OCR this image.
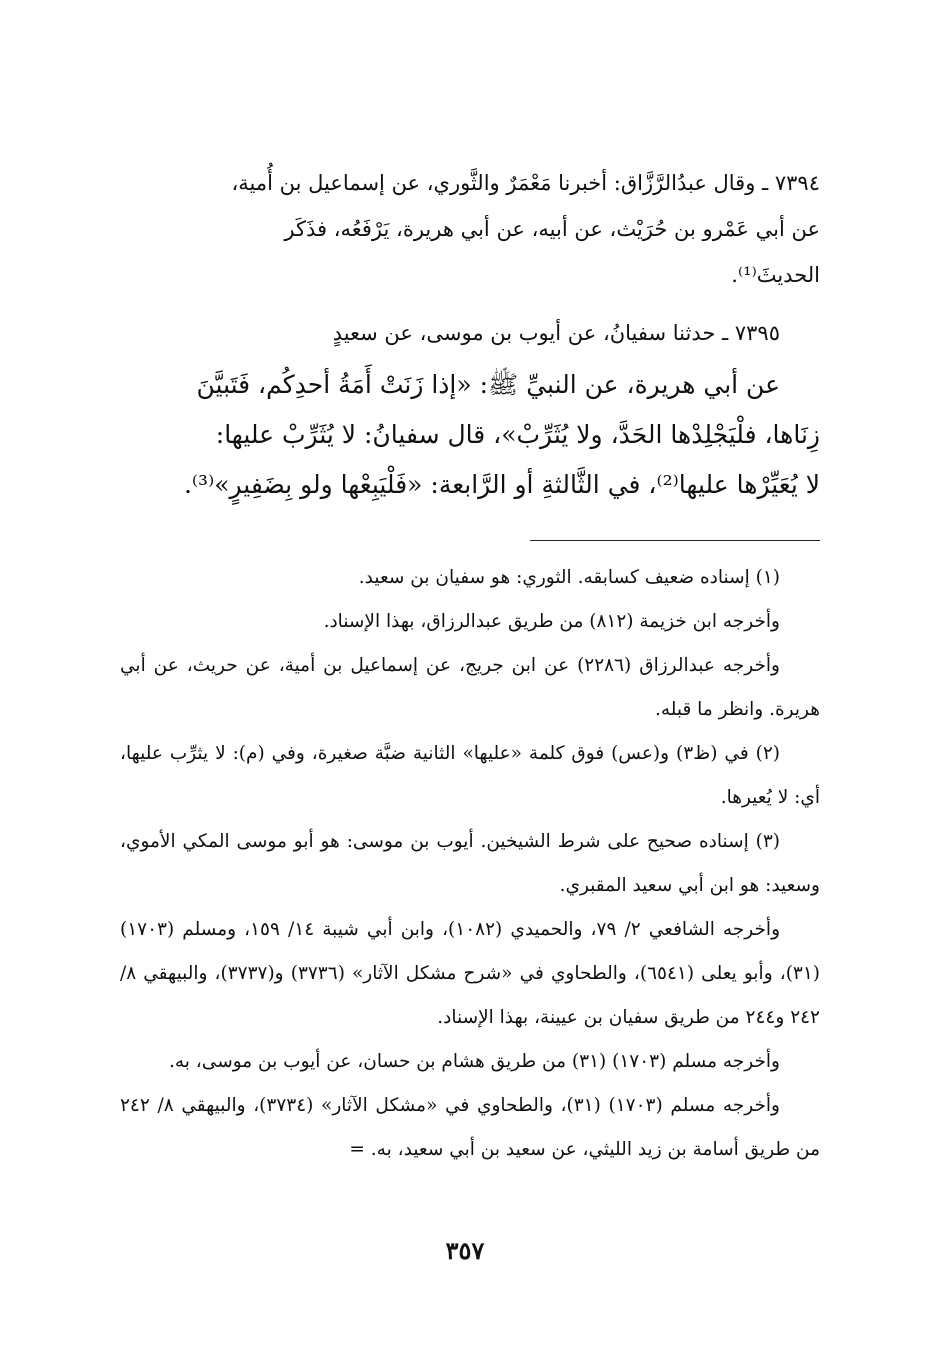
٧٣٩٤ ـ وقال عبدُالرَّزَّاق: أخبرنا مَعْمَرٌ والثَّوري، عن إسماعيل بن أُمية،
عن أبي عَمْرو بن حُرَيْث، عن أبيه، عن أبي هريرة، يَرْفَعُه، فذَكَر
الحديثَ⁽¹⁾.
٧٣٩٥ ـ حدثنا سفيانُ، عن أيوب بن موسى، عن سعيدٍ
عن أبي هريرة، عن النبيِّ ﷺ: «إذا زَنَتْ أَمَةُ أحدِكُم، فَتَبيَّنَ
زِنَاها، فلْيَجْلِدْها الحَدَّ، ولا يُثَرِّبْ»، قال سفيانُ: لا يُثَرِّبْ عليها:
لا يُعَيِّرْها عليها⁽²⁾، في الثَّالثةِ أو الرَّابعة: «فَلْيَبِعْها ولو بِضَفِيرٍ»⁽³⁾.
(١) إسناده ضعيف كسابقه. الثوري: هو سفيان بن سعيد.
وأخرجه ابن خزيمة (٨١٢) من طريق عبدالرزاق، بهذا الإسناد.
وأخرجه عبدالرزاق (٢٢٨٦) عن ابن جريج، عن إسماعيل بن أمية، عن حريث، عن أبي هريرة. وانظر ما قبله.
(٢) في (ظ٣) و(عس) فوق كلمة «عليها» الثانية ضبَّة صغيرة، وفي (م): لا يثرِّب عليها، أي: لا يُعيرها.
(٣) إسناده صحيح على شرط الشيخين. أيوب بن موسى: هو أبو موسى المكي الأموي، وسعيد: هو ابن أبي سعيد المقبري.
وأخرجه الشافعي ٢/ ٧٩، والحميدي (١٠٨٢)، وابن أبي شيبة ١٤/ ١٥٩، ومسلم (١٧٠٣) (٣١)، وأبو يعلى (٦٥٤١)، والطحاوي في «شرح مشكل الآثار» (٣٧٣٦) و(٣٧٣٧)، والبيهقي ٨/ ٢٤٢ و٢٤٤ من طريق سفيان بن عيينة، بهذا الإسناد.
وأخرجه مسلم (١٧٠٣) (٣١) من طريق هشام بن حسان، عن أيوب بن موسى، به.
وأخرجه مسلم (١٧٠٣) (٣١)، والطحاوي في «مشكل الآثار» (٣٧٣٤)، والبيهقي ٨/ ٢٤٢ من طريق أسامة بن زيد الليثي، عن سعيد بن أبي سعيد، به. =
٣٥٧
